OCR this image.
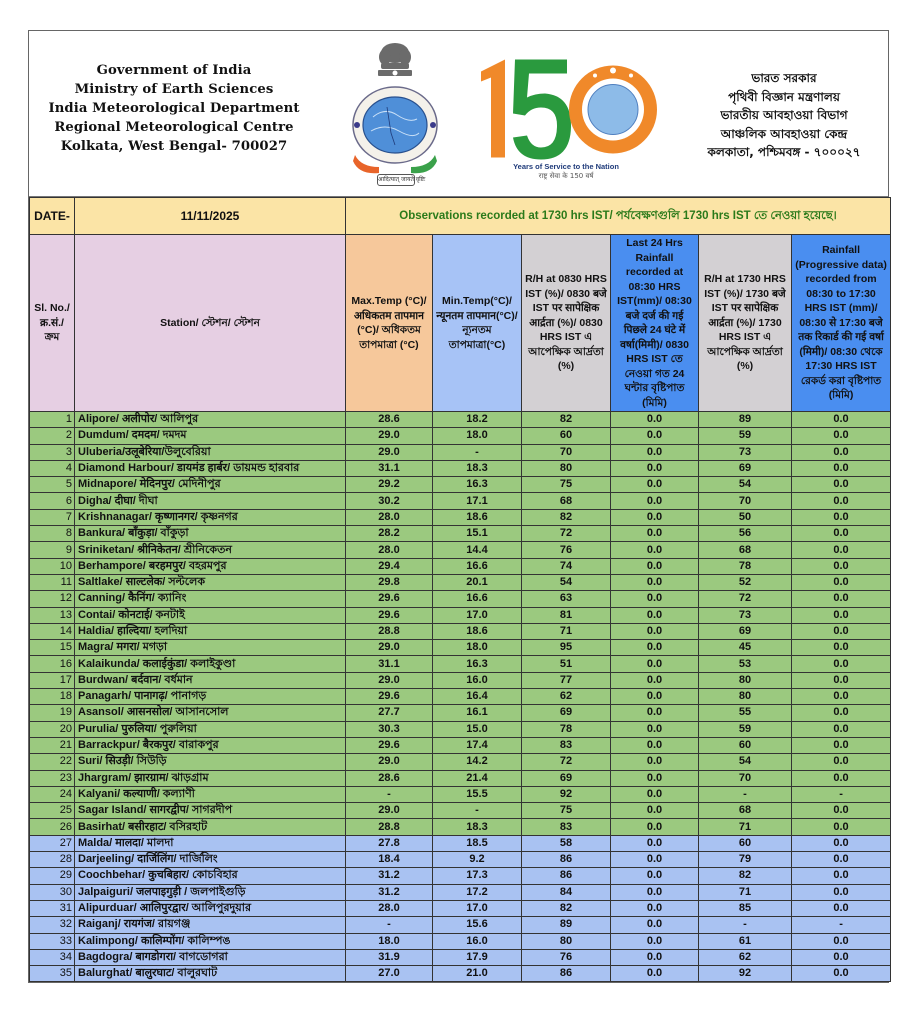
Government of India
Ministry of Earth Sciences
India Meteorological Department
Regional Meteorological Centre
Kolkata, West Bengal- 700027
आदित्यात् जायते वृष्टिः
Years of Service to the Nation
राष्ट्र सेवा के 150 वर्ष
ভারত সরকার
পৃথিবী বিজ্ঞান মন্ত্রণালয়
ভারতীয় আবহাওয়া বিভাগ
আঞ্চলিক আবহাওয়া কেন্দ্র
কলকাতা, পশ্চিমবঙ্গ - ৭০০০২৭
DATE-	11/11/2025	Observations recorded at 1730 hrs IST/ পর্যবেক্ষণগুলি 1730 hrs IST তে নেওয়া হয়েছে।					
Sl. No./ क्र.सं./ ক্রম	Station/ স্টেশন/ স্টেশন	Max.Temp (°C)/ अधिकतम तापमान (°C)/ অধিকতম তাপমাত্রা (°C)	Min.Temp(°C)/ न्यूनतम तापमान(°C)/ ন্যূনতম তাপমাত্রা(°C)	R/H at 0830 HRS IST (%)/ 0830 बजे IST पर सापेक्षिक आर्द्रता (%)/ 0830 HRS IST এ আপেক্ষিক আর্দ্রতা (%)	Last 24 Hrs Rainfall recorded at 08:30 HRS IST(mm)/ 08:30 बजे दर्ज की गई पिछले 24 घंटे में वर्षा(मिमी)/ 0830 HRS IST তে নেওয়া গত 24 ঘন্টার বৃষ্টিপাত (মিমি)	R/H at 1730 HRS IST (%)/ 1730 बजे IST पर सापेक्षिक आर्द्रता (%)/ 1730 HRS IST এ আপেক্ষিক আর্দ্রতা (%)	Rainfall (Progressive data) recorded from 08:30 to 17:30 HRS IST (mm)/ 08:30 से 17:30 बजे तक रिकार्ड की गई वर्षा (मिमी)/ 08:30 থেকে 17:30 HRS IST রেকর্ড করা বৃষ্টিপাত (মিমি)
1	Alipore/ अलीपोर/ আলিপুর	28.6	18.2	82	0.0	89	0.0
2	Dumdum/ दमदम/ দমদম	29.0	18.0	60	0.0	59	0.0
3	Uluberia/उलूबेरिया/উলুবেরিয়া	29.0	-	70	0.0	73	0.0
4	Diamond Harbour/ डायमंड हार्बर/ ডায়মন্ড হারবার	31.1	18.3	80	0.0	69	0.0
5	Midnapore/ मेदिनपुर/ মেদিনীপুর	29.2	16.3	75	0.0	54	0.0
6	Digha/ दीघा/ দীঘা	30.2	17.1	68	0.0	70	0.0
7	Krishnanagar/ कृष्णानगर/ কৃষ্ণনগর	28.0	18.6	82	0.0	50	0.0
8	Bankura/ बाँकुड़ा/ বাঁকুড়া	28.2	15.1	72	0.0	56	0.0
9	Sriniketan/ श्रीनिकेतन/ শ্রীনিকেতন	28.0	14.4	76	0.0	68	0.0
10	Berhampore/ बरहमपुर/ বহরমপুর	29.4	16.6	74	0.0	78	0.0
11	Saltlake/ साल्टलेक/ সল্টলেক	29.8	20.1	54	0.0	52	0.0
12	Canning/ कैनिंग/ ক্যানিং	29.6	16.6	63	0.0	72	0.0
13	Contai/ कोनटाई/ কনটাই	29.6	17.0	81	0.0	73	0.0
14	Haldia/ हाल्दिया/ হলদিয়া	28.8	18.6	71	0.0	69	0.0
15	Magra/ मगरा/ মগড়া	29.0	18.0	95	0.0	45	0.0
16	Kalaikunda/ कलाईकुंडा/ কলাইকুণ্ডা	31.1	16.3	51	0.0	53	0.0
17	Burdwan/ बर्दवान/ বর্ধমান	29.0	16.0	77	0.0	80	0.0
18	Panagarh/ पानागढ़/ পানাগড়	29.6	16.4	62	0.0	80	0.0
19	Asansol/ आसनसोल/ আসানসোল	27.7	16.1	69	0.0	55	0.0
20	Purulia/ पुरुलिया/ পুরুলিয়া	30.3	15.0	78	0.0	59	0.0
21	Barrackpur/ बैरकपुर/ বারাকপুর	29.6	17.4	83	0.0	60	0.0
22	Suri/ सिउड़ी/ সিউড়ি	29.0	14.2	72	0.0	54	0.0
23	Jhargram/ झारग्राम/ ঝাড়গ্রাম	28.6	21.4	69	0.0	70	0.0
24	Kalyani/ कल्याणी/ কল্যাণী	-	15.5	92	0.0	-	-
25	Sagar Island/ सागरद्वीप/ সাগরদীপ	29.0	-	75	0.0	68	0.0
26	Basirhat/ बसीरहाट/ বসিরহাট	28.8	18.3	83	0.0	71	0.0
27	Malda/ मालदा/ মালদা	27.8	18.5	58	0.0	60	0.0
28	Darjeeling/ दार्जिलिंग/ দার্জিলিং	18.4	9.2	86	0.0	79	0.0
29	Coochbehar/ कुचबिहार/ কোচবিহার	31.2	17.3	86	0.0	82	0.0
30	Jalpaiguri/ जलपाइगुड़ी / জলপাইগুড়ি	31.2	17.2	84	0.0	71	0.0
31	Alipurduar/ आलिपुरद्वार/ আলিপুরদুয়ার	28.0	17.0	82	0.0	85	0.0
32	Raiganj/ रायगंज/ রায়গঞ্জ	-	15.6	89	0.0	-	-
33	Kalimpong/ कालिम्पोंग/ কালিম্পঙ	18.0	16.0	80	0.0	61	0.0
34	Bagdogra/ बागडोगरा/ বাগডোগরা	31.9	17.9	76	0.0	62	0.0
35	Balurghat/ बालुरघाट/ বালুরঘাট	27.0	21.0	86	0.0	92	0.0
